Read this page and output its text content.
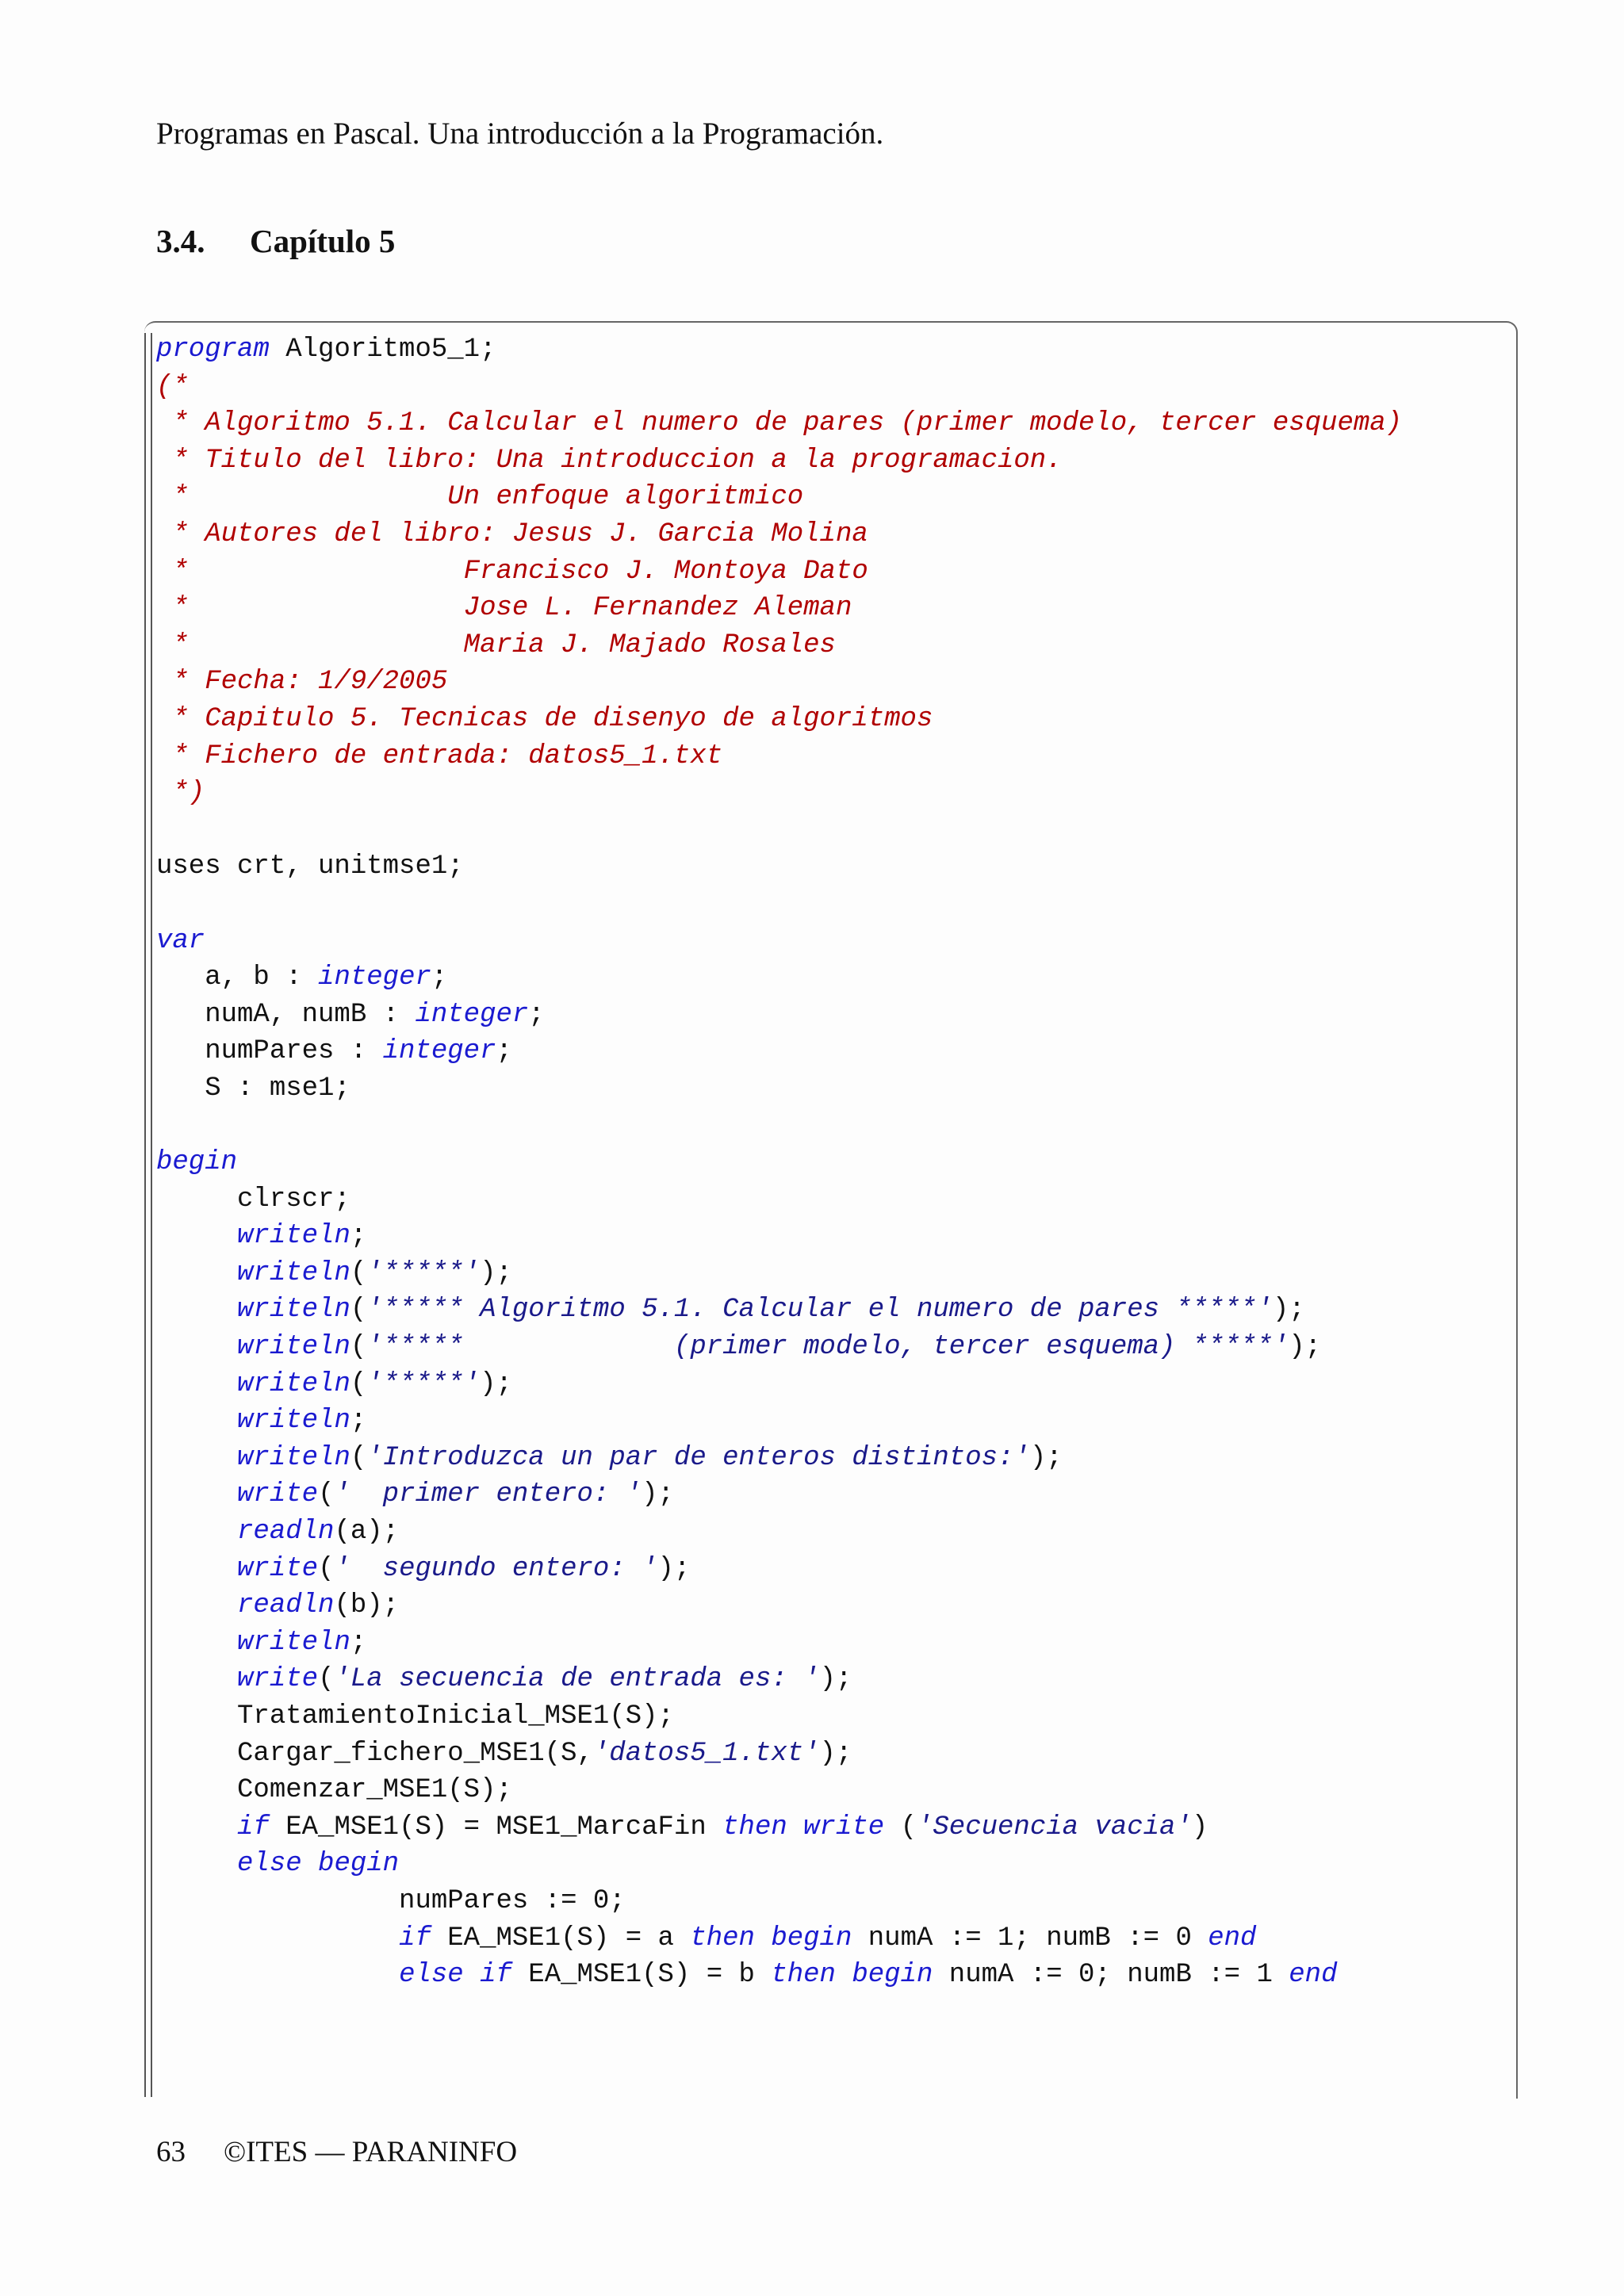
Programas en Pascal. Una introducción a la Programación.
3.4. Capítulo 5
program Algoritmo5_1;
(*
* Algoritmo 5.1. Calcular el numero de pares (primer modelo, tercer esquema)
* Titulo del libro: Una introduccion a la programacion.
*                Un enfoque algoritmico
* Autores del libro: Jesus J. Garcia Molina
*                 Francisco J. Montoya Dato
*                 Jose L. Fernandez Aleman
*                 Maria J. Majado Rosales
* Fecha: 1/9/2005
* Capitulo 5. Tecnicas de disenyo de algoritmos
* Fichero de entrada: datos5_1.txt
*)
uses crt, unitmse1;
var
a, b : integer;
numA, numB : integer;
numPares : integer;
S : mse1;
begin
clrscr;
writeln;
writeln('*****');
writeln('***** Algoritmo 5.1. Calcular el numero de pares *****');
writeln('*****             (primer modelo, tercer esquema) *****');
writeln('*****');
writeln;
writeln('Introduzca un par de enteros distintos:');
write('  primer entero: ');
readln(a);
write('  segundo entero: ');
readln(b);
writeln;
write('La secuencia de entrada es: ');
TratamientoInicial_MSE1(S);
Cargar_fichero_MSE1(S,'datos5_1.txt');
Comenzar_MSE1(S);
if EA_MSE1(S) = MSE1_MarcaFin then write ('Secuencia vacia')
else begin
numPares := 0;
if EA_MSE1(S) = a then begin numA := 1; numB := 0 end
else if EA_MSE1(S) = b then begin numA := 0; numB := 1 end
63 ©ITES — PARANINFO
